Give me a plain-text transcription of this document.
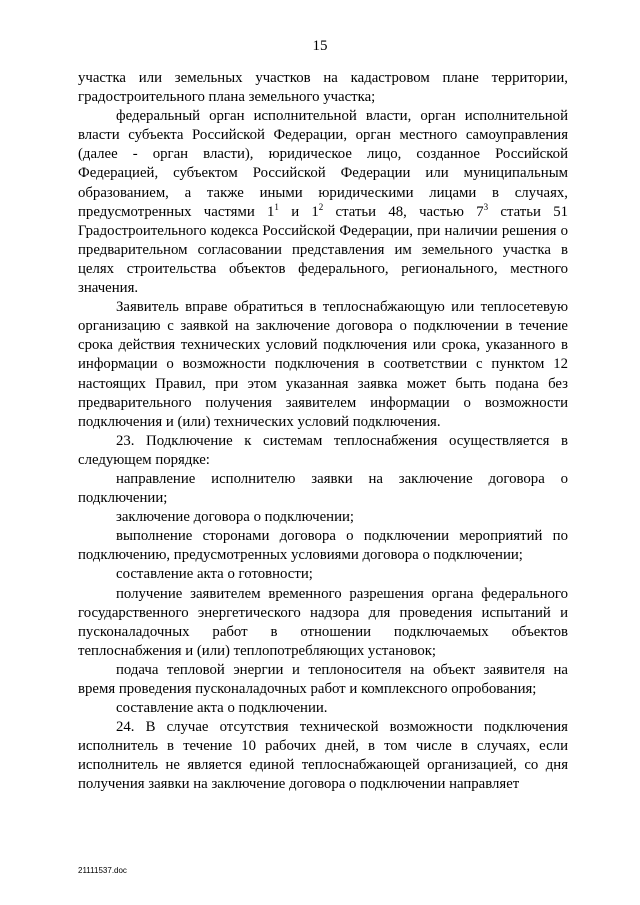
15

участка или земельных участков на кадастровом плане территории, градостроительного плана земельного участка;

федеральный орган исполнительной власти, орган исполнительной власти субъекта Российской Федерации, орган местного самоуправления (далее - орган власти), юридическое лицо, созданное Российской Федерацией, субъектом Российской Федерации или муниципальным образованием, а также иными юридическими лицами в случаях, предусмотренных частями $1^1$ и $1^2$ статьи 48, частью $7^3$ статьи 51 Градостроительного кодекса Российской Федерации, при наличии решения о предварительном согласовании представления им земельного участка в целях строительства объектов федерального, регионального, местного значения.

Заявитель вправе обратиться в теплоснабжающую или теплосетевую организацию с заявкой на заключение договора о подключении в течение срока действия технических условий подключения или срока, указанного в информации о возможности подключения в соответствии с пунктом 12 настоящих Правил, при этом указанная заявка может быть подана без предварительного получения заявителем информации о возможности подключения и (или) технических условий подключения.

23. Подключение к системам теплоснабжения осуществляется в следующем порядке:

направление исполнителю заявки на заключение договора о подключении;

заключение договора о подключении;

выполнение сторонами договора о подключении мероприятий по подключению, предусмотренных условиями договора о подключении;

составление акта о готовности;

получение заявителем временного разрешения органа федерального государственного энергетического надзора для проведения испытаний и пусконаладочных работ в отношении подключаемых объектов теплоснабжения и (или) теплопотребляющих установок;

подача тепловой энергии и теплоносителя на объект заявителя на время проведения пусконаладочных работ и комплексного опробования;

составление акта о подключении.

24. В случае отсутствия технической возможности подключения исполнитель в течение 10 рабочих дней, в том числе в случаях, если исполнитель не является единой теплоснабжающей организацией, со дня получения заявки на заключение договора о подключении направляет

21111537.doc
